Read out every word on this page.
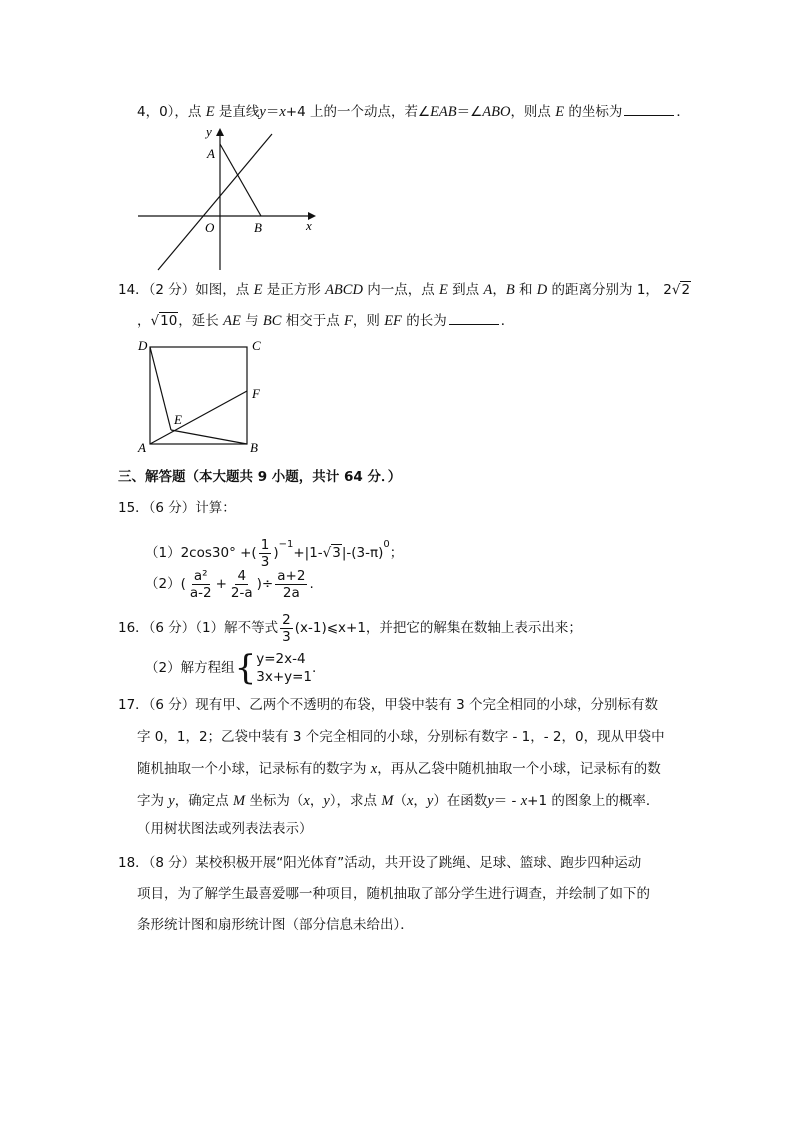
4，0），点 E 是直线y＝x+4 上的一个动点，若∠EAB＝∠ABO，则点 E 的坐标为	．
y
A
O	B	x
14．（2 分）如图，点 E 是正方形 ABCD 内一点，点 E 到点 A，B 和 D 的距离分别为 1， 2√2
，√10，延长 AE 与 BC 相交于点 F，则 EF 的长为	．
D	C
F
E
A	B
三、解答题（本大题共 9 小题，共计 64 分．）
15．（6 分）计算：
（1）2cos30° +( $\frac{1}{3} )^{-1}+|1-√3|-(3-\pi)^0$；
$(2)( \frac{\text{a²}}{a-2} + \frac{4}{2-a}$ )÷ $\frac{a+2}{2a}$ .
16．（6 分）（1）解不等式 $\frac{2}{3}$ (x-1)⩽x+1，并把它的解集在数轴上表示出来；
（2）解方程组{ y=2x-4
3x+y=1
.
17．（6 分）现有甲、乙两个不透明的布袋，甲袋中装有 3 个完全相同的小球，分别标有数
字 0，1，2；乙袋中装有 3 个完全相同的小球，分别标有数字 - 1，- 2，0，现从甲袋中
随机抽取一个小球，记录标有的数字为 x，再从乙袋中随机抽取一个小球，记录标有的数
字为 y，确定点 M 坐标为（x，y），求点 M（x，y）在函数y＝ - x+1 的图象上的概率．
（用树状图法或列表法表示）
18．（8 分）某校积极开展“阳光体育”活动，共开设了跳绳、足球、篮球、跑步四种运动
项目，为了解学生最喜爱哪一种项目，随机抽取了部分学生进行调查，并绘制了如下的
条形统计图和扇形统计图（部分信息未给出）．
